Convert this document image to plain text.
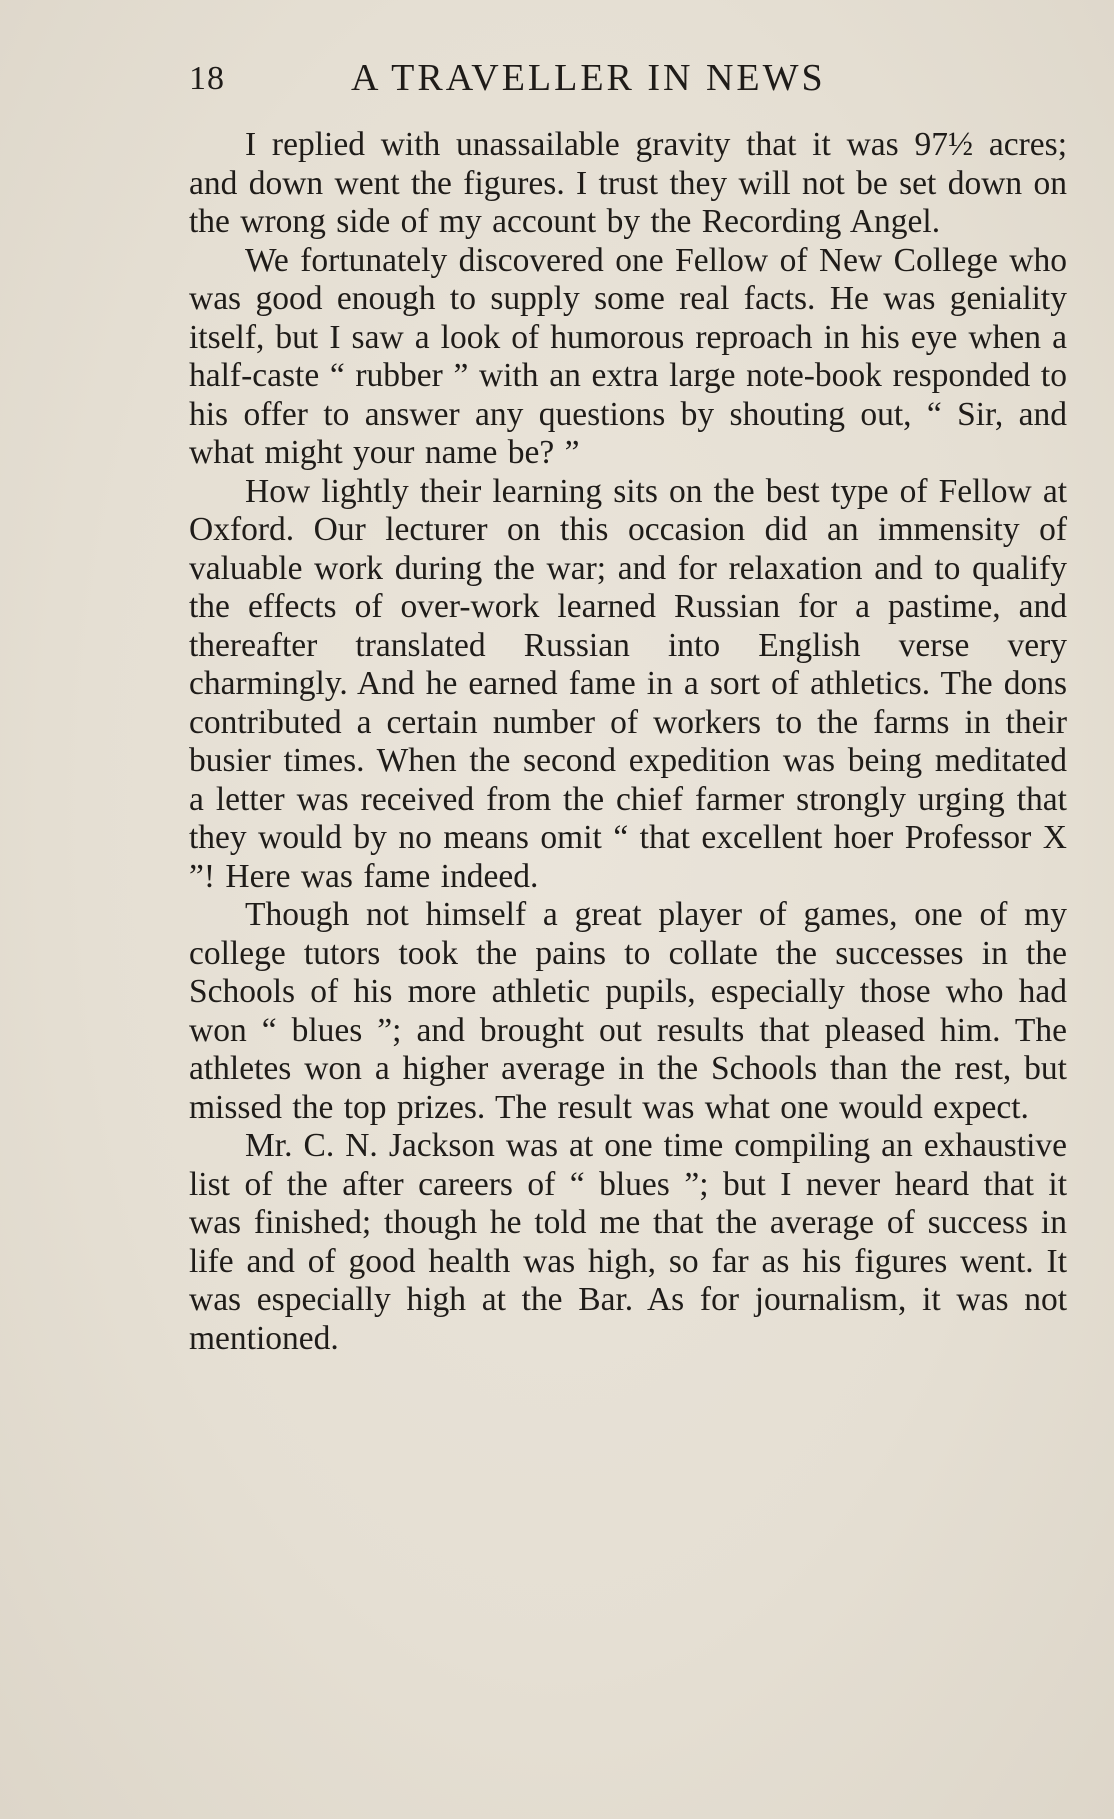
18	A TRAVELLER IN NEWS

I replied with unassailable gravity that it was 97½ acres; and down went the figures. I trust they will not be set down on the wrong side of my account by the Recording Angel.

We fortunately discovered one Fellow of New College who was good enough to supply some real facts. He was geniality itself, but I saw a look of humorous reproach in his eye when a half-caste “ rubber ” with an extra large note-book responded to his offer to answer any questions by shouting out, “ Sir, and what might your name be? ”

How lightly their learning sits on the best type of Fellow at Oxford. Our lecturer on this occasion did an immensity of valuable work during the war; and for relaxation and to qualify the effects of over-work learned Russian for a pastime, and thereafter translated Russian into English verse very charmingly. And he earned fame in a sort of athletics. The dons contributed a certain number of workers to the farms in their busier times. When the second expedition was being meditated a letter was received from the chief farmer strongly urging that they would by no means omit “ that excellent hoer Professor X ”! Here was fame indeed.

Though not himself a great player of games, one of my college tutors took the pains to collate the successes in the Schools of his more athletic pupils, especially those who had won “ blues ”; and brought out results that pleased him. The athletes won a higher average in the Schools than the rest, but missed the top prizes. The result was what one would expect.

Mr. C. N. Jackson was at one time compiling an exhaustive list of the after careers of “ blues ”; but I never heard that it was finished; though he told me that the average of success in life and of good health was high, so far as his figures went. It was especially high at the Bar. As for journalism, it was not mentioned.
